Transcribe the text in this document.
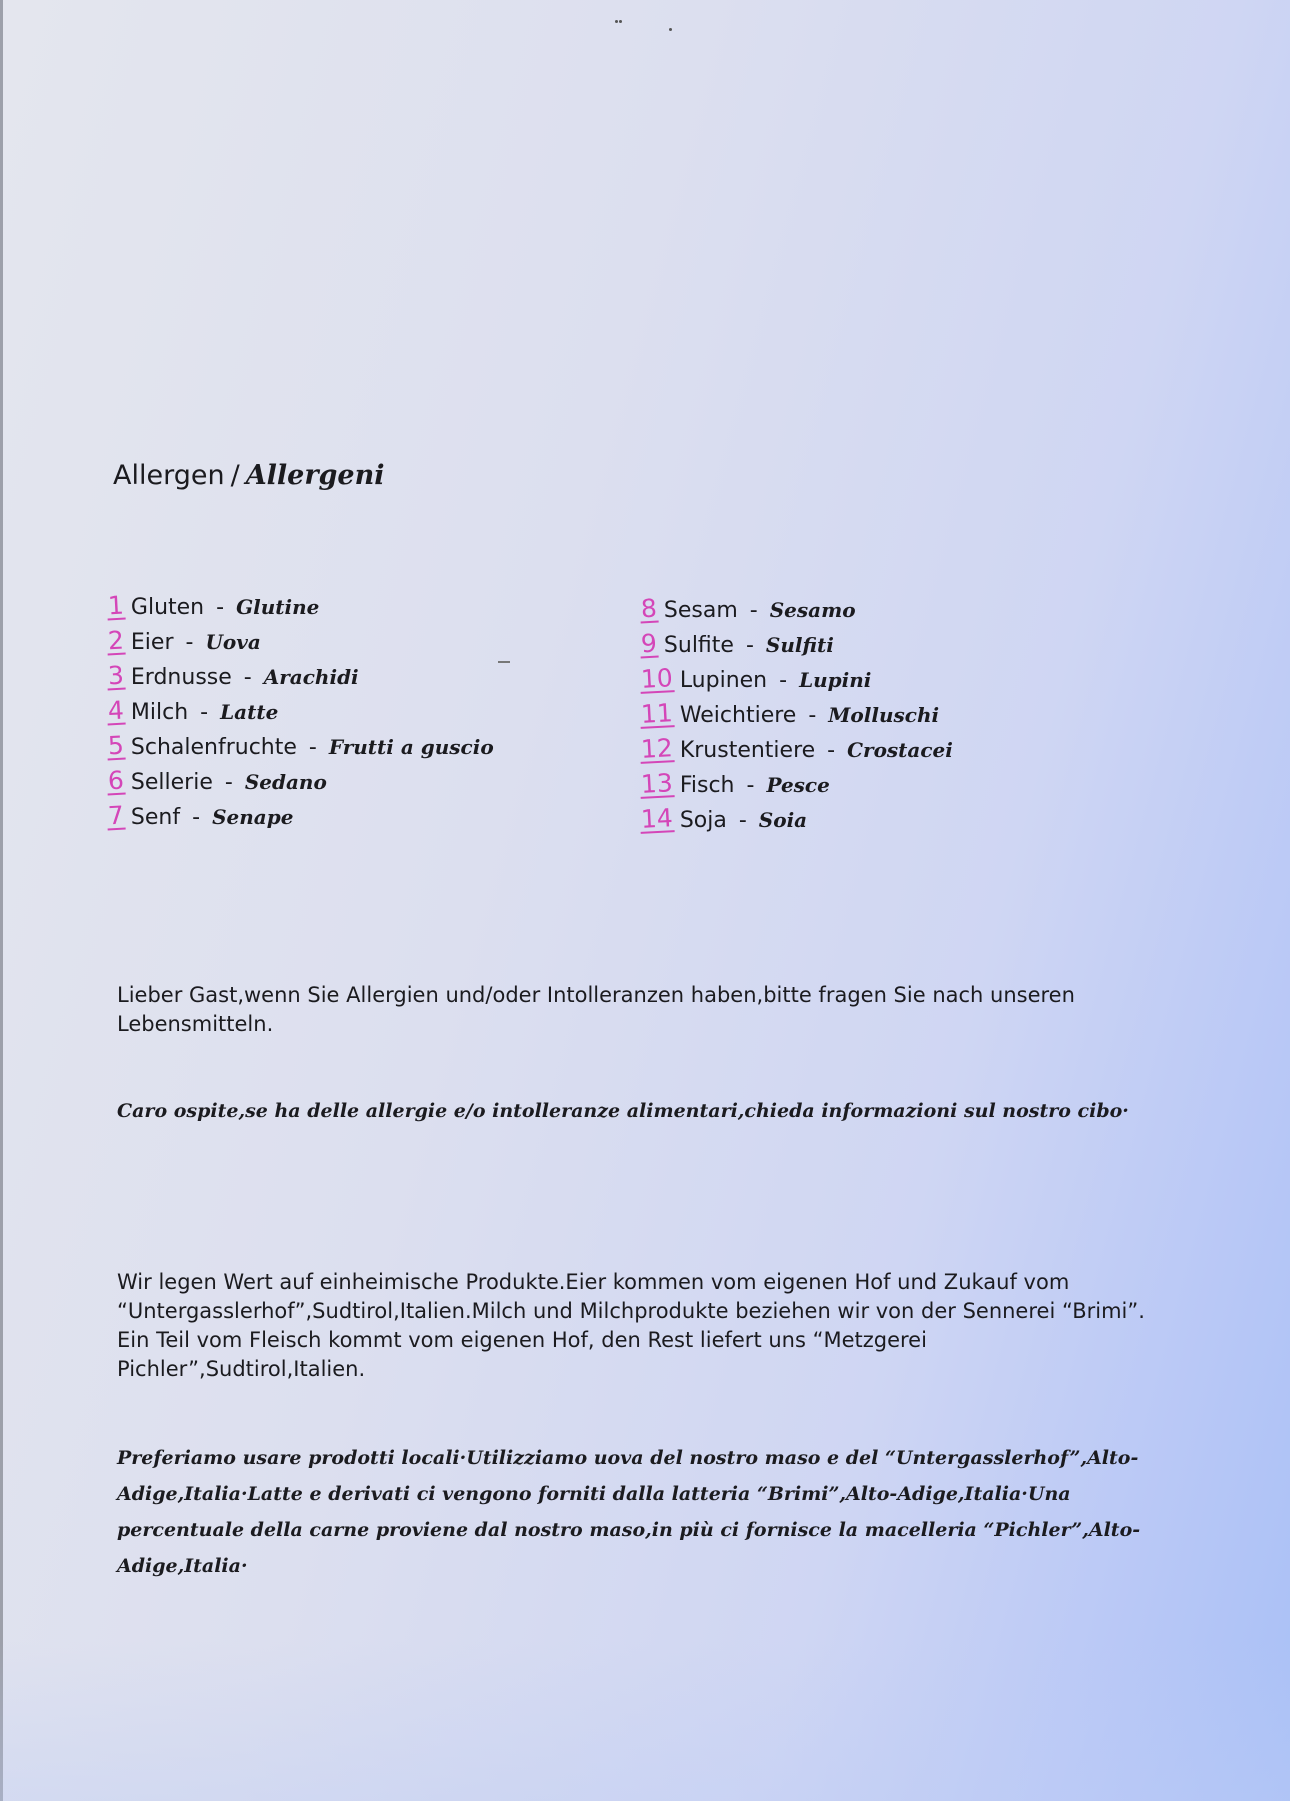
Allergen / Allergeni
1 Gluten - Glutine
2 Eier - Uova
3 Erdnusse - Arachidi
4 Milch - Latte
5 Schalenfruchte - Frutti a guscio
6 Sellerie - Sedano
7 Senf - Senape
8 Sesam - Sesamo
9 Sulfite - Sulfiti
10 Lupinen - Lupini
11 Weichtiere - Molluschi
12 Krustentiere - Crostacei
13 Fisch - Pesce
14 Soja - Soia
Lieber Gast,wenn Sie Allergien und/oder Intolleranzen haben,bitte fragen Sie nach unseren Lebensmitteln.
Caro ospite,se ha delle allergie e/o intolleranze alimentari,chieda informazioni sul nostro cibo·
Wir legen Wert auf einheimische Produkte.Eier kommen vom eigenen Hof und Zukauf vom “Untergasslerhof”,Sudtirol,Italien.Milch und Milchprodukte beziehen wir von der Sennerei “Brimi”. Ein Teil vom Fleisch kommt vom eigenen Hof, den Rest liefert uns “Metzgerei Pichler”,Sudtirol,Italien.
Preferiamo usare prodotti locali·Utilizziamo uova del nostro maso e del “Untergasslerhof”,Alto-Adige,Italia·Latte e derivati ci vengono forniti dalla latteria “Brimi”,Alto-Adige,Italia·Una percentuale della carne proviene dal nostro maso,in più ci fornisce la macelleria “Pichler”,Alto-Adige,Italia·
